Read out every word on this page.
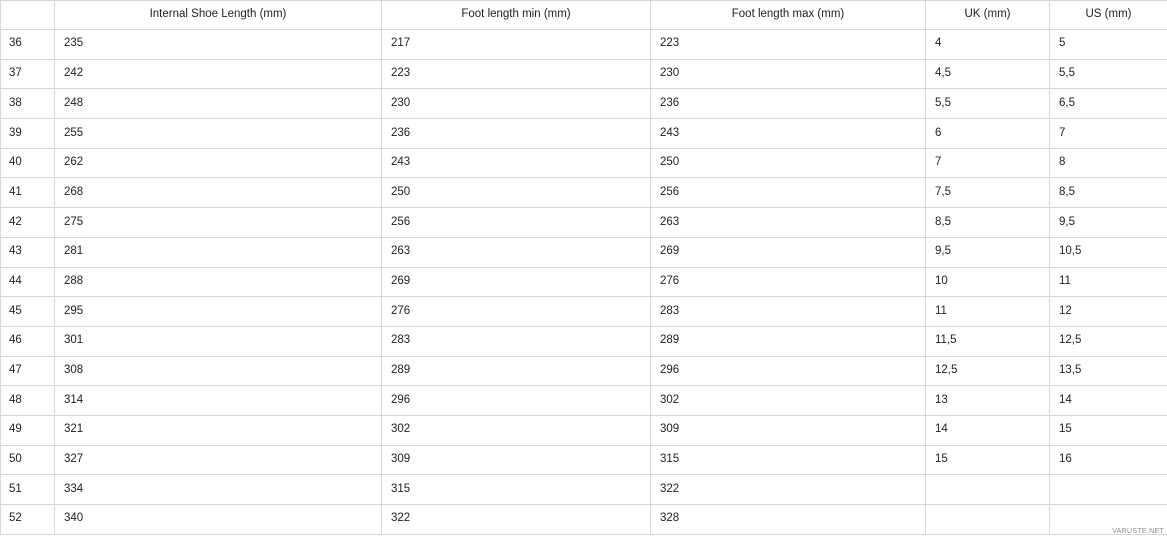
	Internal Shoe Length (mm)	Foot length min (mm)	Foot length max (mm)	UK (mm)	US (mm)
36	235	217	223	4	5
37	242	223	230	4,5	5,5
38	248	230	236	5,5	6,5
39	255	236	243	6	7
40	262	243	250	7	8
41	268	250	256	7,5	8,5
42	275	256	263	8,5	9,5
43	281	263	269	9,5	10,5
44	288	269	276	10	11
45	295	276	283	11	12
46	301	283	289	11,5	12,5
47	308	289	296	12,5	13,5
48	314	296	302	13	14
49	321	302	309	14	15
50	327	309	315	15	16
51	334	315	322		
52	340	322	328		
VARUSTE.NET
